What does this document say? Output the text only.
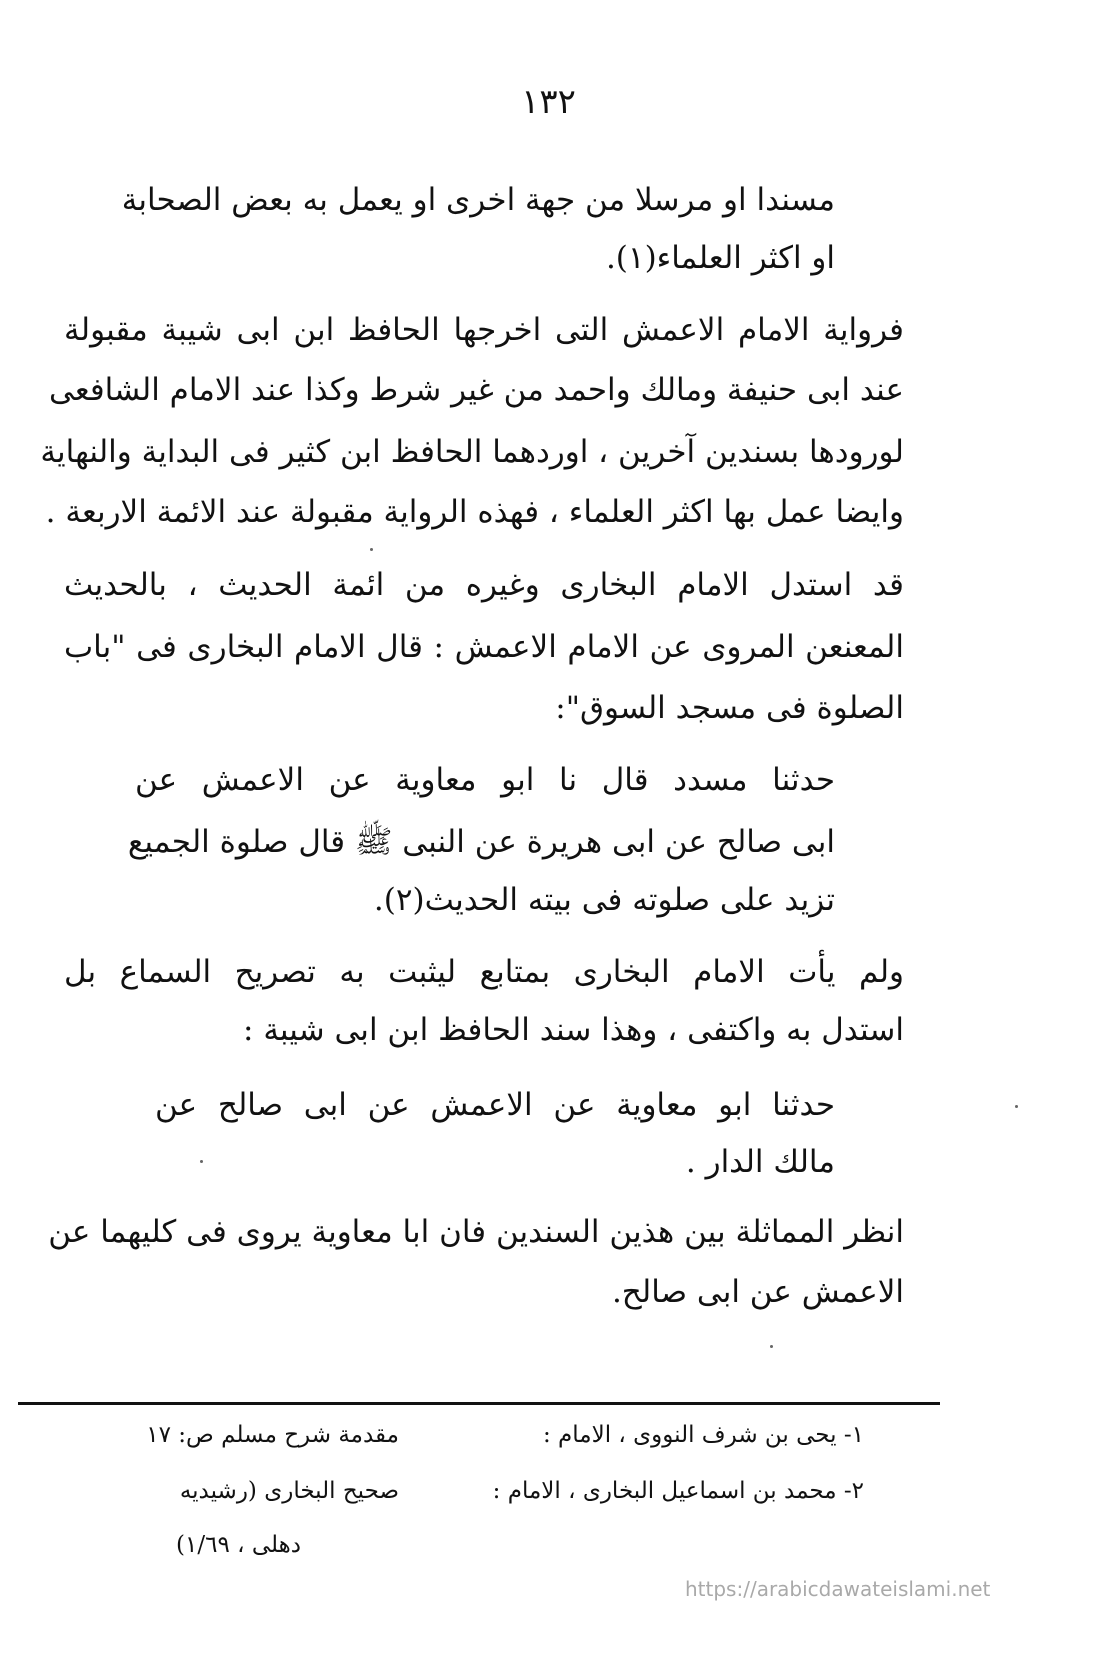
١٣٢
مسندا او مرسلا من جهة اخرى او يعمل به بعض الصحابة
او اكثر العلماء(١).
فرواية الامام الاعمش التى اخرجها الحافظ ابن ابى شيبة مقبولة
عند ابى حنيفة ومالك واحمد من غير شرط وكذا عند الامام الشافعى
لورودها بسندين آخرين ، اوردهما الحافظ ابن كثير فى البداية والنهاية
وايضا عمل بها اكثر العلماء ، فهذه الرواية مقبولة عند الائمة الاربعة .
قد استدل الامام البخارى وغيره من ائمة الحديث ، بالحديث
المعنعن المروى عن الامام الاعمش : قال الامام البخارى فى "باب
الصلوة فى مسجد السوق":
حدثنا مسدد قال نا ابو معاوية عن الاعمش عن
ابى صالح عن ابى هريرة عن النبى ﷺ قال صلوة الجميع
تزيد على صلوته فى بيته الحديث(٢).
ولم يأت الامام البخارى بمتابع ليثبت به تصريح السماع بل
استدل به واكتفى ، وهذا سند الحافظ ابن ابى شيبة :
حدثنا ابو معاوية عن الاعمش عن ابى صالح عن
مالك الدار .
انظر المماثلة بين هذين السندين فان ابا معاوية يروى فى كليهما عن
الاعمش عن ابى صالح.
١- يحى بن شرف النووى ، الامام :
مقدمة شرح مسلم ص: ١٧
٢- محمد بن اسماعيل البخارى ، الامام :
صحيح البخارى (رشيديه
دهلى ، ١/٦٩)
https://arabicdawateislami.net
